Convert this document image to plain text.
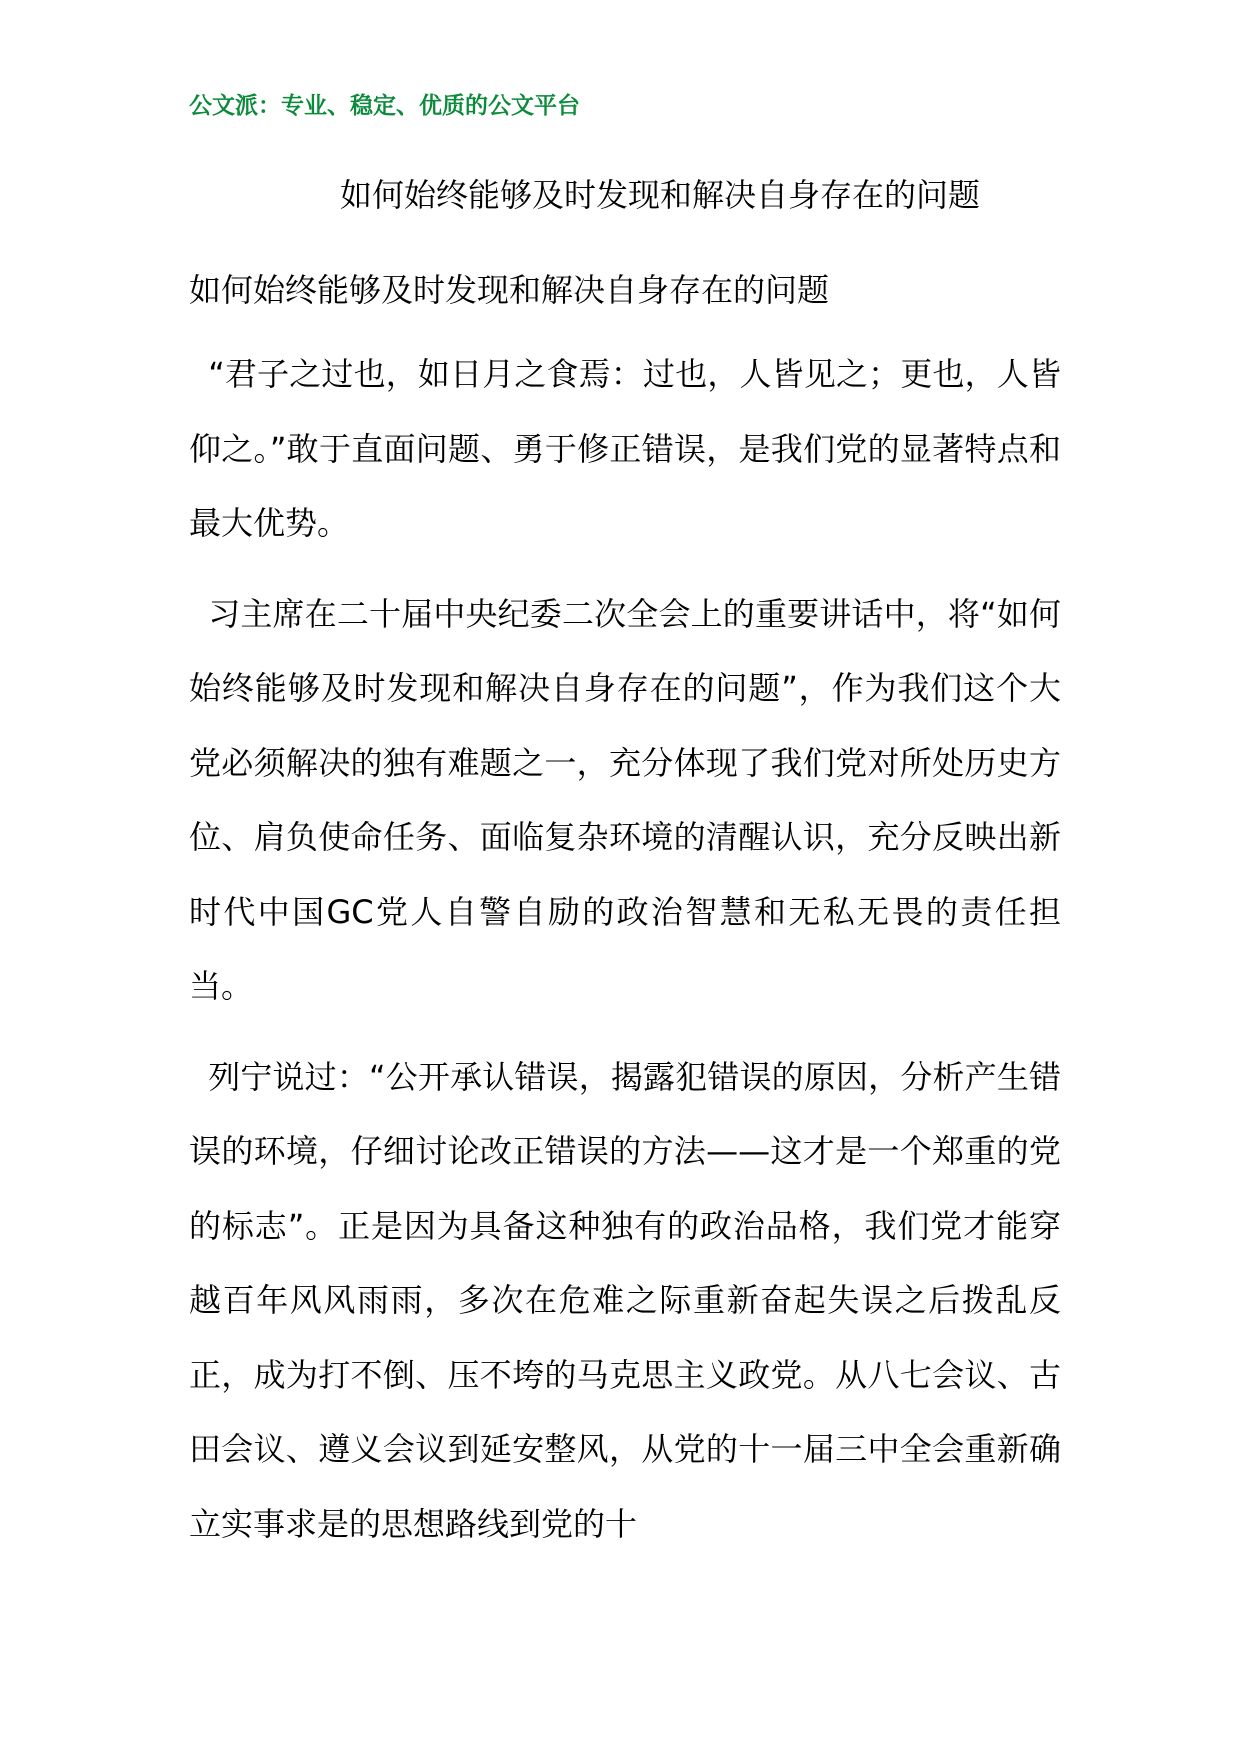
公文派：专业、稳定、优质的公文平台
如何始终能够及时发现和解决自身存在的问题
如何始终能够及时发现和解决自身存在的问题

“君子之过也，如日月之食焉：过也，人皆见之；更也，人皆仰之。”敢于直面问题、勇于修正错误，是我们党的显著特点和最大优势。

习主席在二十届中央纪委二次全会上的重要讲话中，将“如何始终能够及时发现和解决自身存在的问题”，作为我们这个大党必须解决的独有难题之一，充分体现了我们党对所处历史方位、肩负使命任务、面临复杂环境的清醒认识，充分反映出新时代中国GC党人自警自励的政治智慧和无私无畏的责任担当。

列宁说过：“公开承认错误，揭露犯错误的原因，分析产生错误的环境，仔细讨论改正错误的方法——这才是一个郑重的党的标志”。正是因为具备这种独有的政治品格，我们党才能穿越百年风风雨雨，多次在危难之际重新奋起失误之后拨乱反正，成为打不倒、压不垮的马克思主义政党。从八七会议、古田会议、遵义会议到延安整风，从党的十一届三中全会重新确立实事求是的思想路线到党的十
